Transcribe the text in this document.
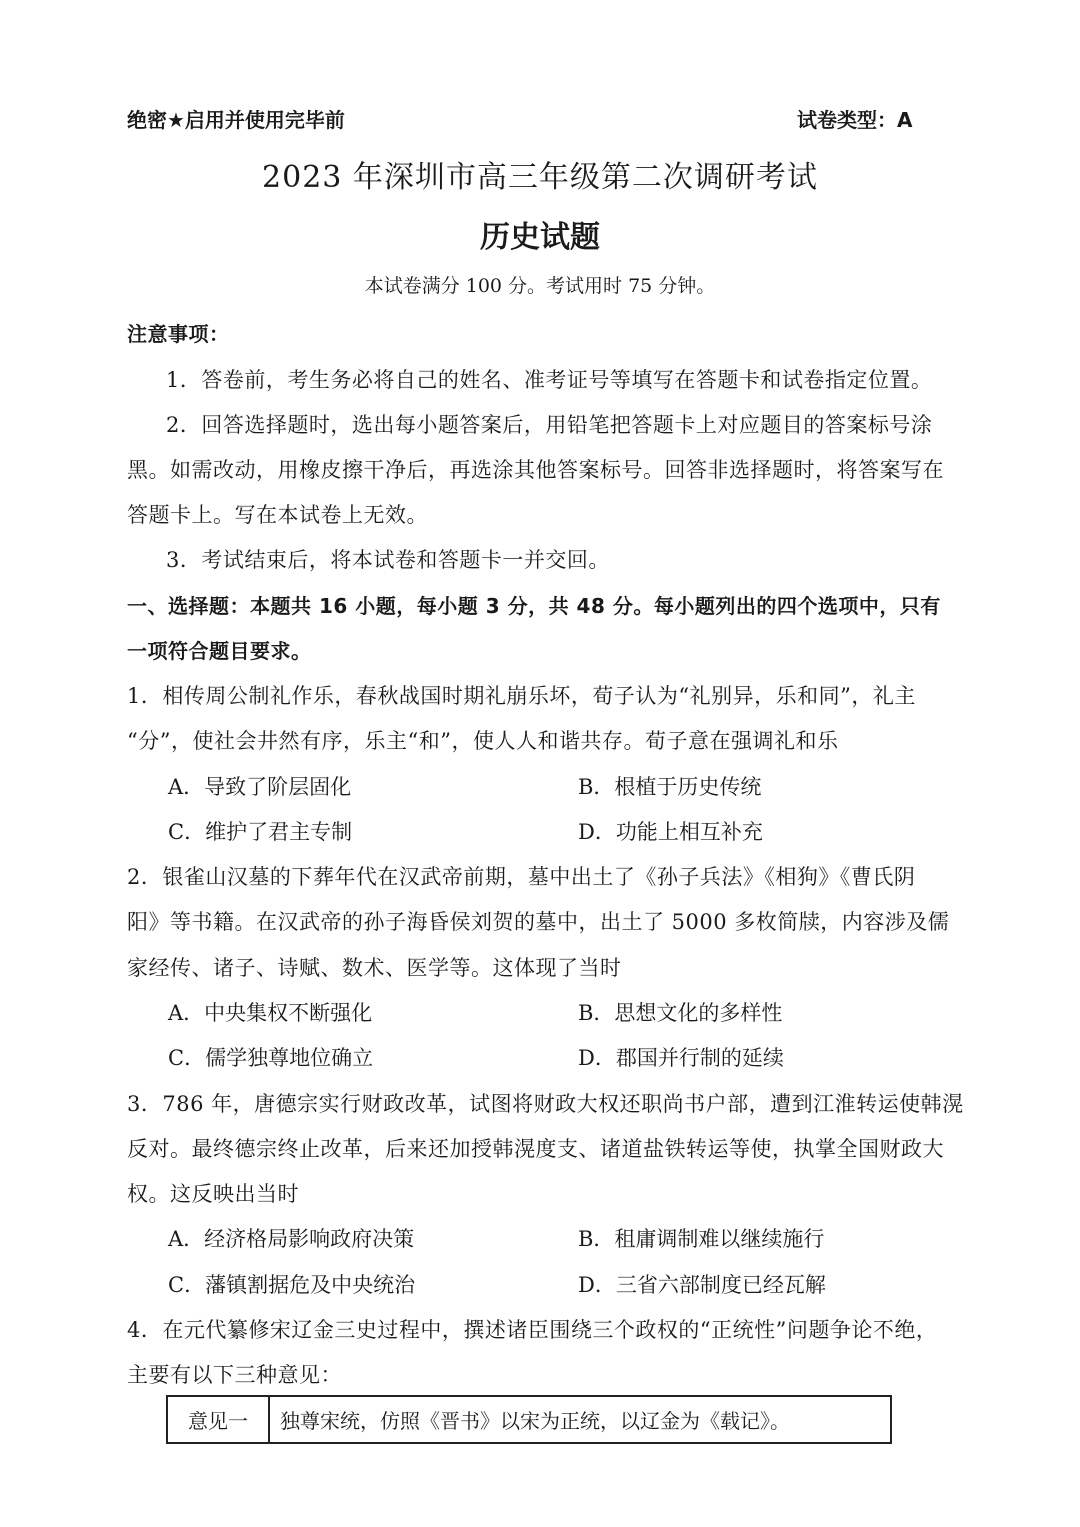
绝密★启用并使用完毕前	试卷类型：A
2023 年深圳市高三年级第二次调研考试
历史试题
本试卷满分 100 分。考试用时 75 分钟。
注意事项：
1．答卷前，考生务必将自己的姓名、准考证号等填写在答题卡和试卷指定位置。
2．回答选择题时，选出每小题答案后，用铅笔把答题卡上对应题目的答案标号涂
黑。如需改动，用橡皮擦干净后，再选涂其他答案标号。回答非选择题时，将答案写在
答题卡上。写在本试卷上无效。
3．考试结束后，将本试卷和答题卡一并交回。
一、选择题：本题共 16 小题，每小题 3 分，共 48 分。每小题列出的四个选项中，只有
一项符合题目要求。
1．相传周公制礼作乐，春秋战国时期礼崩乐坏，荀子认为“礼别异，乐和同”，礼主
“分”，使社会井然有序，乐主“和”，使人人和谐共存。荀子意在强调礼和乐
A．导致了阶层固化	B．根植于历史传统
C．维护了君主专制	D．功能上相互补充
2．银雀山汉墓的下葬年代在汉武帝前期，墓中出土了《孙子兵法》《相狗》《曹氏阴
阳》等书籍。在汉武帝的孙子海昏侯刘贺的墓中，出土了 5000 多枚简牍，内容涉及儒
家经传、诸子、诗赋、数术、医学等。这体现了当时
A．中央集权不断强化	B．思想文化的多样性
C．儒学独尊地位确立	D．郡国并行制的延续
3．786 年，唐德宗实行财政改革，试图将财政大权还职尚书户部，遭到江淮转运使韩滉
反对。最终德宗终止改革，后来还加授韩滉度支、诸道盐铁转运等使，执掌全国财政大
权。这反映出当时
A．经济格局影响政府决策	B．租庸调制难以继续施行
C．藩镇割据危及中央统治	D．三省六部制度已经瓦解
4．在元代纂修宋辽金三史过程中，撰述诸臣围绕三个政权的“正统性”问题争论不绝，
主要有以下三种意见：
意见一	独尊宋统，仿照《晋书》以宋为正统，以辽金为《载记》。
